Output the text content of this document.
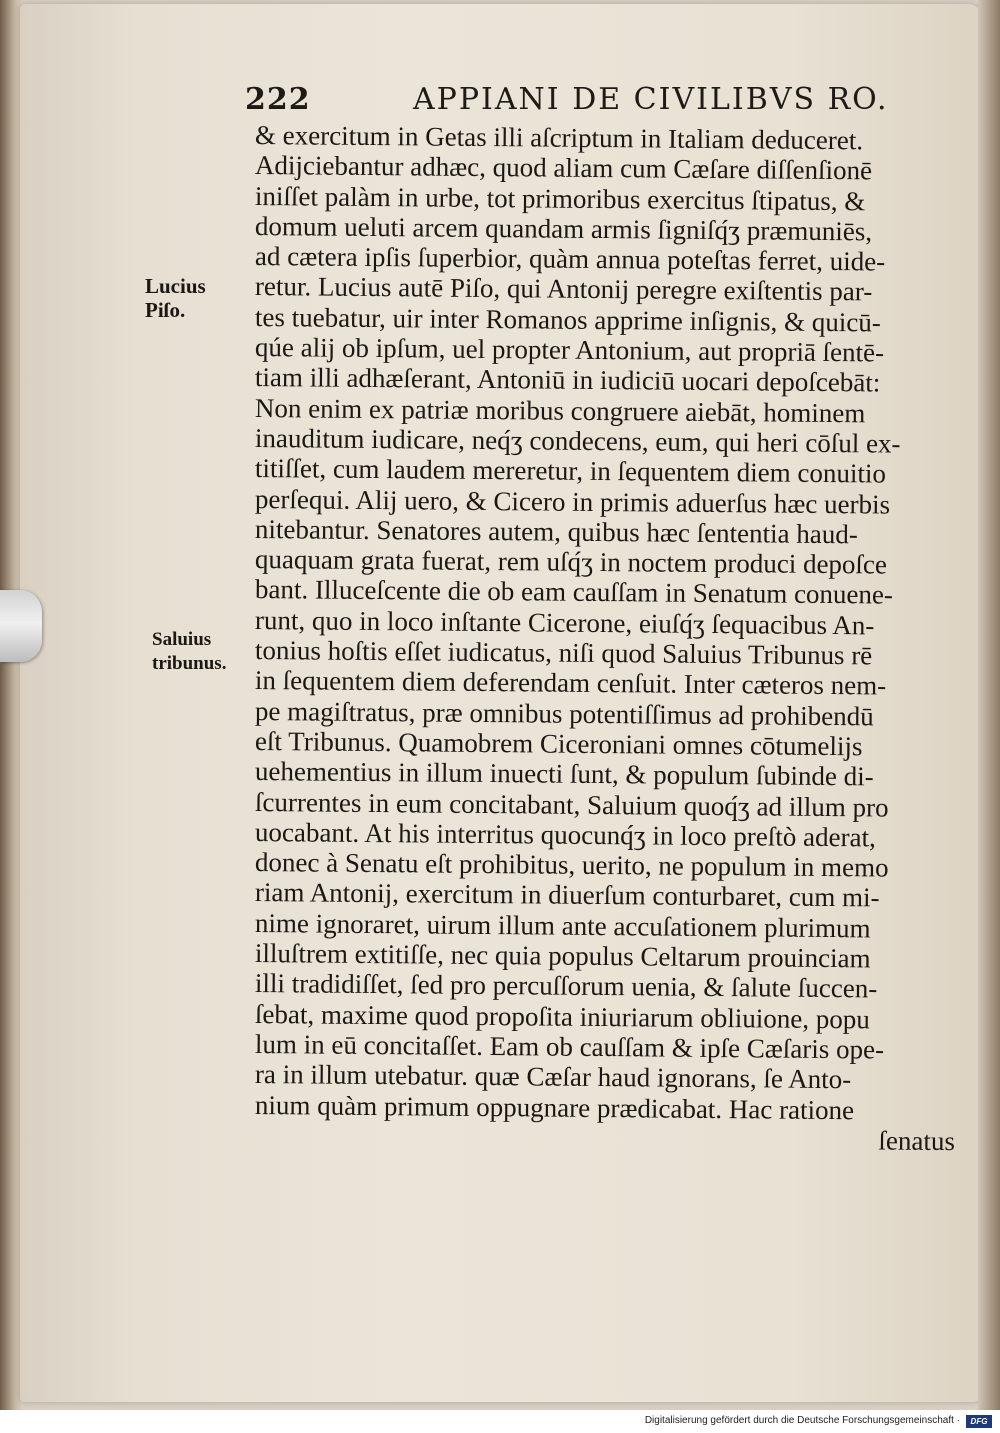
222	APPIANI DE CIVILIBVS RO.
Lucius
Piſo.
Saluius
tribunus.
& exercitum in Getas illi aſcriptum in Italiam deduceret.
Adijciebantur adhæc, quod aliam cum Cæſare diſſenſionē
iniſſet palàm in urbe, tot primoribus exercitus ſtipatus, &
domum ueluti arcem quandam armis ſigniſq́ʒ præmuniēs,
ad cætera ipſis ſuperbior, quàm annua poteſtas ferret, uide-
retur. Lucius autē Piſo, qui Antonij peregre exiſtentis par-
tes tuebatur, uir inter Romanos apprime inſignis, & quicū-
qúe alij ob ipſum, uel propter Antonium, aut propriā ſentē-
tiam illi adhæſerant, Antoniū in iudiciū uocari depoſcebāt:
Non enim ex patriæ moribus congruere aiebāt, hominem
inauditum iudicare, neq́ʒ condecens, eum, qui heri cōſul ex-
titiſſet, cum laudem mereretur, in ſequentem diem conuitio
perſequi. Alij uero, & Cicero in primis aduerſus hæc uerbis
nitebantur. Senatores autem, quibus hæc ſententia haud-
quaquam grata fuerat, rem uſq́ʒ in noctem produci depoſce
bant. Illuceſcente die ob eam cauſſam in Senatum conuene-
runt, quo in loco inſtante Cicerone, eiuſq́ʒ ſequacibus An-
tonius hoſtis eſſet iudicatus, niſi quod Saluius Tribunus rē
in ſequentem diem deferendam cenſuit. Inter cæteros nem-
pe magiſtratus, præ omnibus potentiſſimus ad prohibendū
eſt Tribunus. Quamobrem Ciceroniani omnes cōtumelijs
uehementius in illum inuecti ſunt, & populum ſubinde di-
ſcurrentes in eum concitabant, Saluium quoq́ʒ ad illum pro
uocabant. At his interritus quocunq́ʒ in loco preſtò aderat,
donec à Senatu eſt prohibitus, uerito, ne populum in memo
riam Antonij, exercitum in diuerſum conturbaret, cum mi-
nime ignoraret, uirum illum ante accuſationem plurimum
illuſtrem extitiſſe, nec quia populus Celtarum prouinciam
illi tradidiſſet, ſed pro percuſſorum uenia, & ſalute ſuccen-
ſebat, maxime quod propoſita iniuriarum obliuione, popu
lum in eū concitaſſet. Eam ob cauſſam & ipſe Cæſaris ope-
ra in illum utebatur. quæ Cæſar haud ignorans, ſe Anto-
nium quàm primum oppugnare prædicabat. Hac ratione
ſenatus
Digitalisierung gefördert durch die Deutsche Forschungsgemeinschaft ·	DFG
